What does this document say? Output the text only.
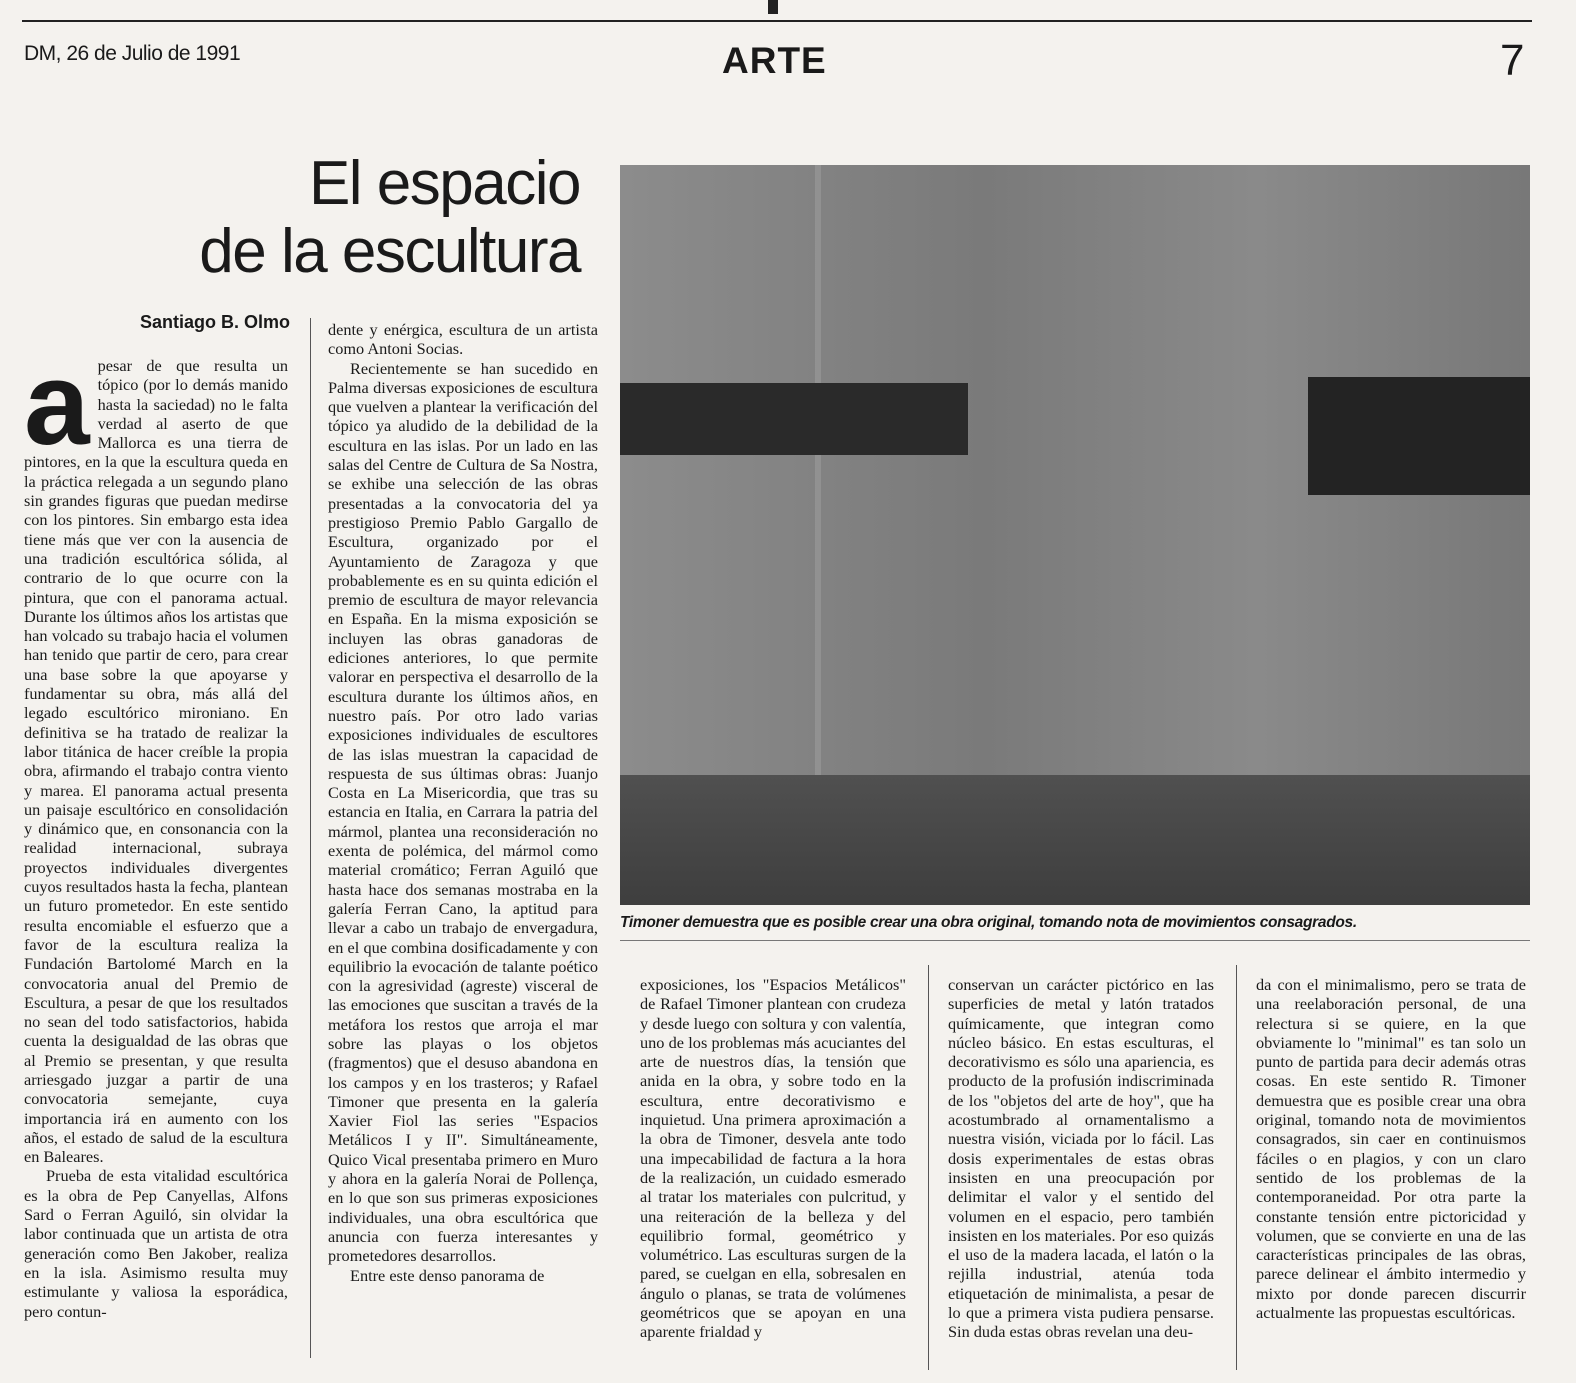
DM, 26 de Julio de 1991	ARTE	7
El espacio
de la escultura
Santiago B. Olmo

apesar de que resulta un tópico (por lo demás manido hasta la saciedad) no le falta verdad al aserto de que Mallorca es una tierra de pintores, en la que la escultura queda en la práctica relegada a un segundo plano sin grandes figuras que puedan medirse con los pintores. Sin embargo esta idea tiene más que ver con la ausencia de una tradición escultórica sólida, al contrario de lo que ocurre con la pintura, que con el panorama actual. Durante los últimos años los artistas que han volcado su trabajo hacia el volumen han tenido que partir de cero, para crear una base sobre la que apoyarse y fundamentar su obra, más allá del legado escultórico mironiano. En definitiva se ha tratado de realizar la labor titánica de hacer creíble la propia obra, afirmando el trabajo contra viento y marea. El panorama actual presenta un paisaje escultórico en consolidación y dinámico que, en consonancia con la realidad internacional, subraya proyectos individuales divergentes cuyos resultados hasta la fecha, plantean un futuro prometedor. En este sentido resulta encomiable el esfuerzo que a favor de la escultura realiza la Fundación Bartolomé March en la convocatoria anual del Premio de Escultura, a pesar de que los resultados no sean del todo satisfactorios, habida cuenta la desigualdad de las obras que al Premio se presentan, y que resulta arriesgado juzgar a partir de una convocatoria semejante, cuya importancia irá en aumento con los años, el estado de salud de la escultura en Baleares.

Prueba de esta vitalidad escultórica es la obra de Pep Canyellas, Alfons Sard o Ferran Aguiló, sin olvidar la labor continuada que un artista de otra generación como Ben Jakober, realiza en la isla. Asimismo resulta muy estimulante y valiosa la esporádica, pero contun-

dente y enérgica, escultura de un artista como Antoni Socias.

Recientemente se han sucedido en Palma diversas exposiciones de escultura que vuelven a plantear la verificación del tópico ya aludido de la debilidad de la escultura en las islas. Por un lado en las salas del Centre de Cultura de Sa Nostra, se exhibe una selección de las obras presentadas a la convocatoria del ya prestigioso Premio Pablo Gargallo de Escultura, organizado por el Ayuntamiento de Zaragoza y que probablemente es en su quinta edición el premio de escultura de mayor relevancia en España. En la misma exposición se incluyen las obras ganadoras de ediciones anteriores, lo que permite valorar en perspectiva el desarrollo de la escultura durante los últimos años, en nuestro país. Por otro lado varias exposiciones individuales de escultores de las islas muestran la capacidad de respuesta de sus últimas obras: Juanjo Costa en La Misericordia, que tras su estancia en Italia, en Carrara la patria del mármol, plantea una reconsideración no exenta de polémica, del mármol como material cromático; Ferran Aguiló que hasta hace dos semanas mostraba en la galería Ferran Cano, la aptitud para llevar a cabo un trabajo de envergadura, en el que combina dosificadamente y con equilibrio la evocación de talante poético con la agresividad (agreste) visceral de las emociones que suscitan a través de la metáfora los restos que arroja el mar sobre las playas o los objetos (fragmentos) que el desuso abandona en los campos y en los trasteros; y Rafael Timoner que presenta en la galería Xavier Fiol las series "Espacios Metálicos I y II". Simultáneamente, Quico Vical presentaba primero en Muro y ahora en la galería Norai de Pollença, en lo que son sus primeras exposiciones individuales, una obra escultórica que anuncia con fuerza interesantes y prometedores desarrollos.

Entre este denso panorama de

Timoner demuestra que es posible crear una obra original, tomando nota de movimientos consagrados.

exposiciones, los "Espacios Metálicos" de Rafael Timoner plantean con crudeza y desde luego con soltura y con valentía, uno de los problemas más acuciantes del arte de nuestros días, la tensión que anida en la obra, y sobre todo en la escultura, entre decorativismo e inquietud. Una primera aproximación a la obra de Timoner, desvela ante todo una impecabilidad de factura a la hora de la realización, un cuidado esmerado al tratar los materiales con pulcritud, y una reiteración de la belleza y del equilibrio formal, geométrico y volumétrico. Las esculturas surgen de la pared, se cuelgan en ella, sobresalen en ángulo o planas, se trata de volúmenes geométricos que se apoyan en una aparente frialdad y

conservan un carácter pictórico en las superficies de metal y latón tratados químicamente, que integran como núcleo básico. En estas esculturas, el decorativismo es sólo una apariencia, es producto de la profusión indiscriminada de los "objetos del arte de hoy", que ha acostumbrado al ornamentalismo a nuestra visión, viciada por lo fácil. Las dosis experimentales de estas obras insisten en una preocupación por delimitar el valor y el sentido del volumen en el espacio, pero también insisten en los materiales. Por eso quizás el uso de la madera lacada, el latón o la rejilla industrial, atenúa toda etiquetación de minimalista, a pesar de lo que a primera vista pudiera pensarse. Sin duda estas obras revelan una deu-

da con el minimalismo, pero se trata de una reelaboración personal, de una relectura si se quiere, en la que obviamente lo "minimal" es tan solo un punto de partida para decir además otras cosas. En este sentido R. Timoner demuestra que es posible crear una obra original, tomando nota de movimientos consagrados, sin caer en continuismos fáciles o en plagios, y con un claro sentido de los problemas de la contemporaneidad. Por otra parte la constante tensión entre pictoricidad y volumen, que se convierte en una de las características principales de las obras, parece delinear el ámbito intermedio y mixto por donde parecen discurrir actualmente las propuestas escultóricas.
